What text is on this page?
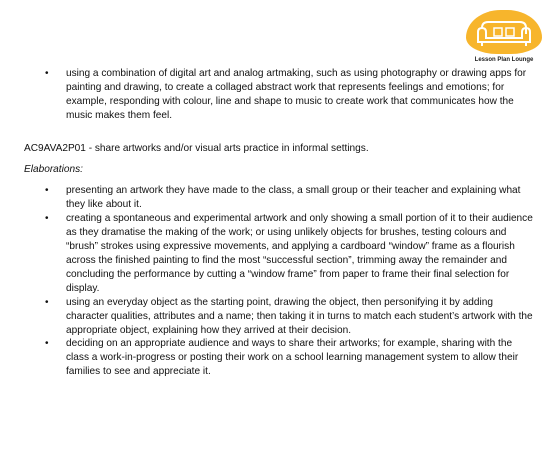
Lesson Plan Lounge
• using a combination of digital art and analog artmaking, such as using photography or drawing apps for painting and drawing, to create a collaged abstract work that represents feelings and emotions; for example, responding with colour, line and shape to music to create work that communicates how the music makes them feel.
AC9AVA2P01 - share artworks and/or visual arts practice in informal settings.
Elaborations:
• presenting an artwork they have made to the class, a small group or their teacher and explaining what they like about it.
• creating a spontaneous and experimental artwork and only showing a small portion of it to their audience as they dramatise the making of the work; or using unlikely objects for brushes, testing colours and “brush” strokes using expressive movements, and applying a cardboard “window” frame as a flourish across the finished painting to find the most “successful section”, trimming away the remainder and concluding the performance by cutting a “window frame” from paper to frame their final selection for display.
• using an everyday object as the starting point, drawing the object, then personifying it by adding character qualities, attributes and a name; then taking it in turns to match each student’s artwork with the appropriate object, explaining how they arrived at their decision.
• deciding on an appropriate audience and ways to share their artworks; for example, sharing with the class a work-in-progress or posting their work on a school learning management system to allow their families to see and appreciate it.
